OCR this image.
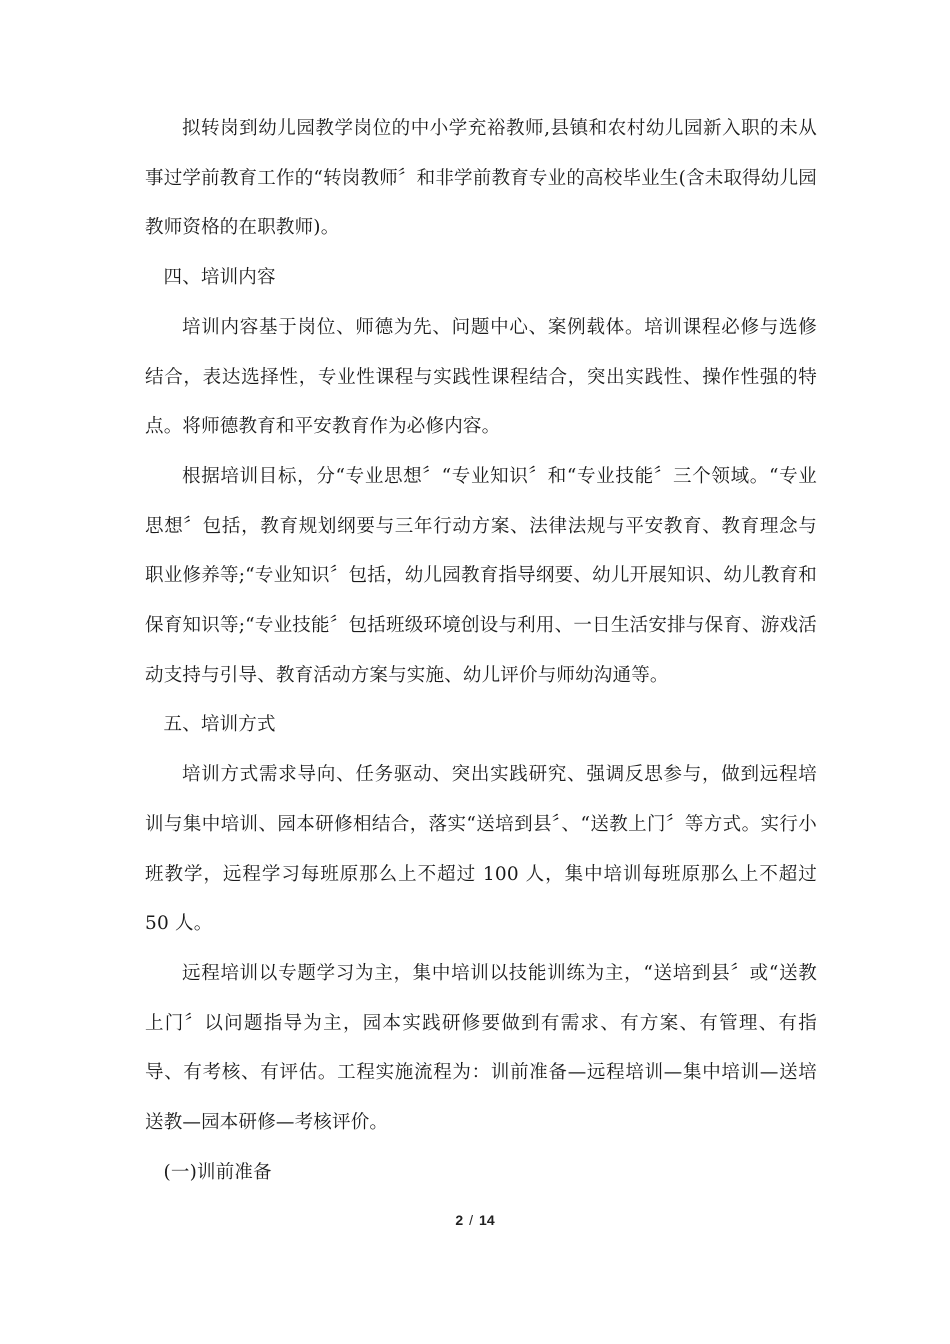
拟转岗到幼儿园教学岗位的中小学充裕教师,县镇和农村幼儿园新入职的未从事过学前教育工作的“转岗教师〞和非学前教育专业的高校毕业生(含未取得幼儿园教师资格的在职教师)。

四、培训内容

培训内容基于岗位、师德为先、问题中心、案例载体。培训课程必修与选修结合，表达选择性，专业性课程与实践性课程结合，突出实践性、操作性强的特点。将师德教育和平安教育作为必修内容。

根据培训目标，分“专业思想〞“专业知识〞和“专业技能〞三个领域。“专业思想〞包括，教育规划纲要与三年行动方案、法律法规与平安教育、教育理念与职业修养等;“专业知识〞包括，幼儿园教育指导纲要、幼儿开展知识、幼儿教育和保育知识等;“专业技能〞包括班级环境创设与利用、一日生活安排与保育、游戏活动支持与引导、教育活动方案与实施、幼儿评价与师幼沟通等。

五、培训方式

培训方式需求导向、任务驱动、突出实践研究、强调反思参与，做到远程培训与集中培训、园本研修相结合，落实“送培到县〞、“送教上门〞等方式。实行小班教学，远程学习每班原那么上不超过 100 人，集中培训每班原那么上不超过 50 人。

远程培训以专题学习为主，集中培训以技能训练为主，“送培到县〞或“送教上门〞以问题指导为主，园本实践研修要做到有需求、有方案、有管理、有指导、有考核、有评估。工程实施流程为：训前准备—远程培训—集中培训—送培送教—园本研修—考核评价。

(一)训前准备

2 / 14
